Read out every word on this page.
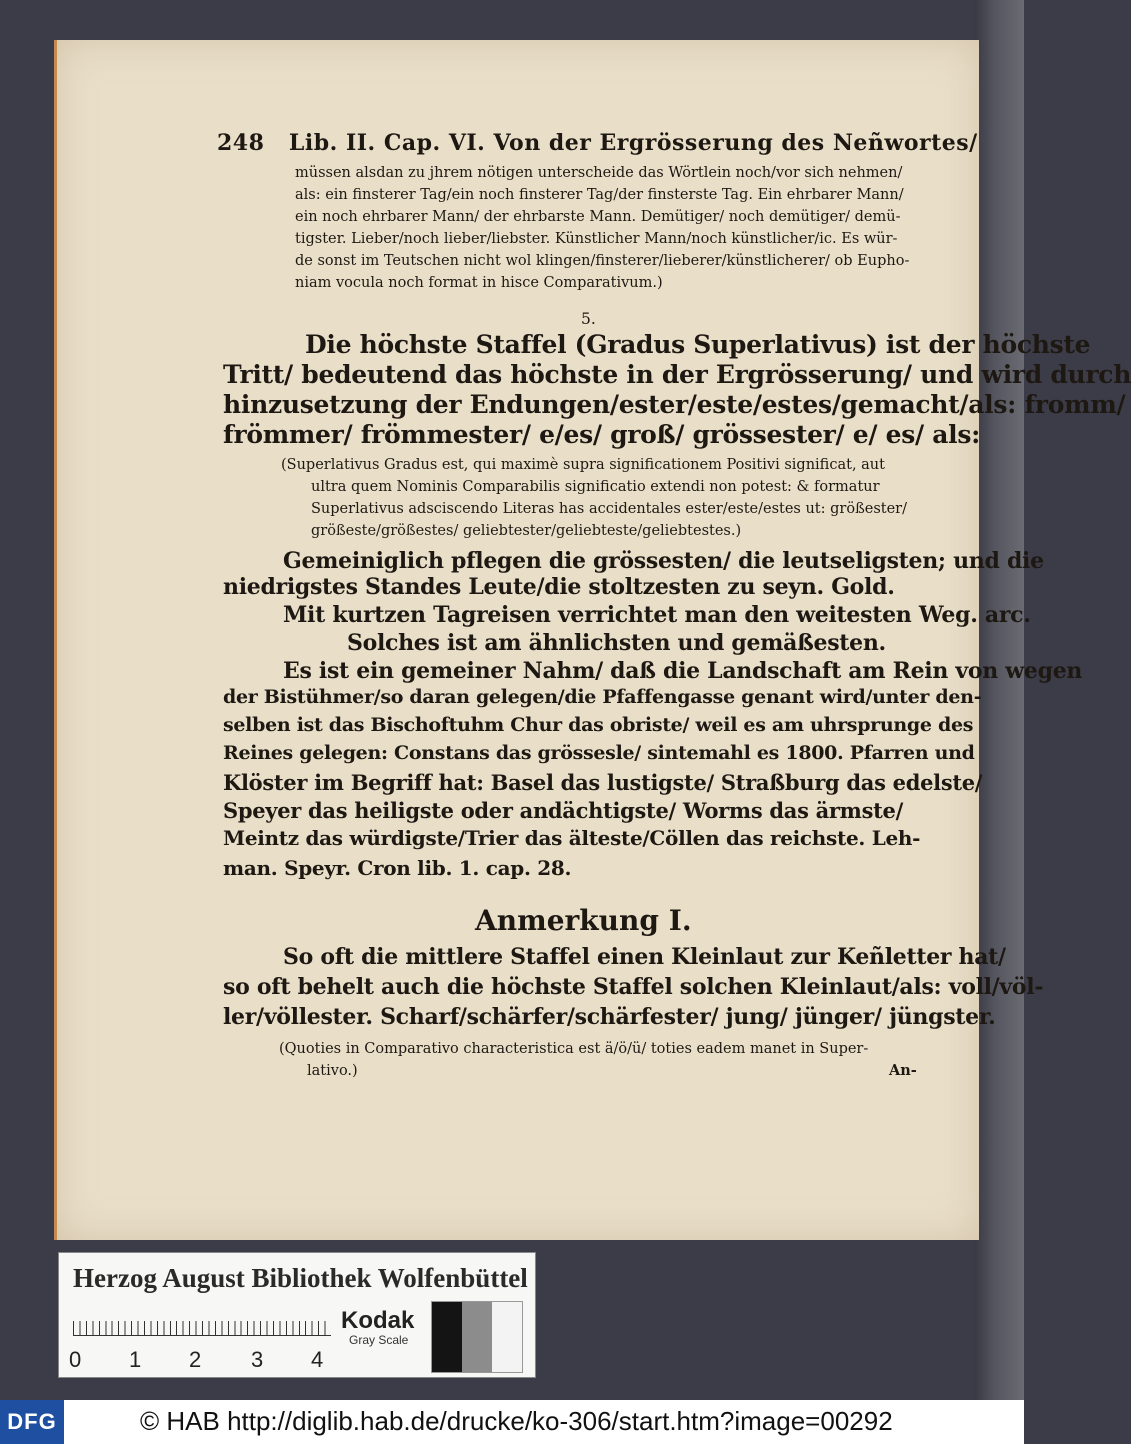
248 Lib. II. Cap. VI. Von der Ergrösserung des Neñwortes/
müssen alsdan zu jhrem nötigen unterscheide das Wörtlein noch/vor sich nehmen/
als: ein finsterer Tag/ein noch finsterer Tag/der finsterste Tag. Ein ehrbarer Mann/
ein noch ehrbarer Mann/ der ehrbarste Mann. Demütiger/ noch demütiger/ demü-
tigster. Lieber/noch lieber/liebster. Künstlicher Mann/noch künstlicher/ic. Es wür-
de sonst im Teutschen nicht wol klingen/finsterer/lieberer/künstlicherer/ ob Eupho-
niam vocula noch format in hisce Comparativum.)
5.
Die höchste Staffel (Gradus Superlativus) ist der höchste
Tritt/ bedeutend das höchste in der Ergrösserung/ und wird durch
hinzusetzung der Endungen/ester/este/estes/gemacht/als: fromm/
frömmer/ frömmester/ e/es/ groß/ grössester/ e/ es/ als:
(Superlativus Gradus est, qui maximè supra significationem Positivi significat, aut
ultra quem Nominis Comparabilis significatio extendi non potest: & formatur
Superlativus adsciscendo Literas has accidentales ester/este/estes ut: größester/
größeste/größestes/ geliebtester/geliebteste/geliebtestes.)
Gemeiniglich pflegen die grössesten/ die leutseligsten; und die
niedrigstes Standes Leute/die stoltzesten zu seyn. Gold.
Mit kurtzen Tagreisen verrichtet man den weitesten Weg. arc.
Solches ist am ähnlichsten und gemäßesten.
Es ist ein gemeiner Nahm/ daß die Landschaft am Rein von wegen
der Bistühmer/so daran gelegen/die Pfaffengasse genant wird/unter den-
selben ist das Bischoftuhm Chur das obriste/ weil es am uhrsprunge des
Reines gelegen: Constans das grössesle/ sintemahl es 1800. Pfarren und
Klöster im Begriff hat: Basel das lustigste/ Straßburg das edelste/
Speyer das heiligste oder andächtigste/ Worms das ärmste/
Meintz das würdigste/Trier das älteste/Cöllen das reichste. Leh-
man. Speyr. Cron lib. 1. cap. 28.
Anmerkung I.
So oft die mittlere Staffel einen Kleinlaut zur Keñletter hat/
so oft behelt auch die höchste Staffel solchen Kleinlaut/als: voll/völ-
ler/völlester. Scharf/schärfer/schärfester/ jung/ jünger/ jüngster.
(Quoties in Comparativo characteristica est ä/ö/ü/ toties eadem manet in Super-
lativo.)	An-
Herzog August Bibliothek Wolfenbüttel
0 1 2 3 4
Kodak
Gray Scale
DFG	© HAB http://diglib.hab.de/drucke/ko-306/start.htm?image=00292
